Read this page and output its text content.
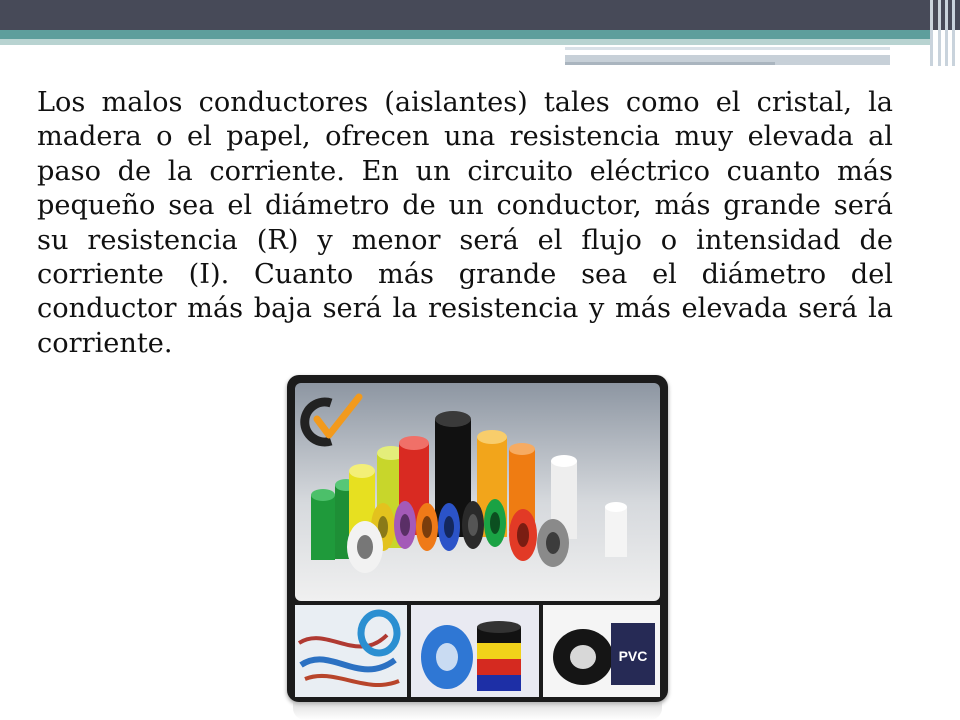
Los malos conductores (aislantes) tales como el cristal, la madera o el papel, ofrecen una resistencia muy elevada al paso de la corriente. En un circuito eléctrico cuanto más pequeño sea el diámetro de un conductor, más grande será su resistencia (R) y menor será el flujo o intensidad de corriente (I). Cuanto más grande sea el diámetro del conductor más baja será la resistencia y más elevada será la corriente.

PVC
